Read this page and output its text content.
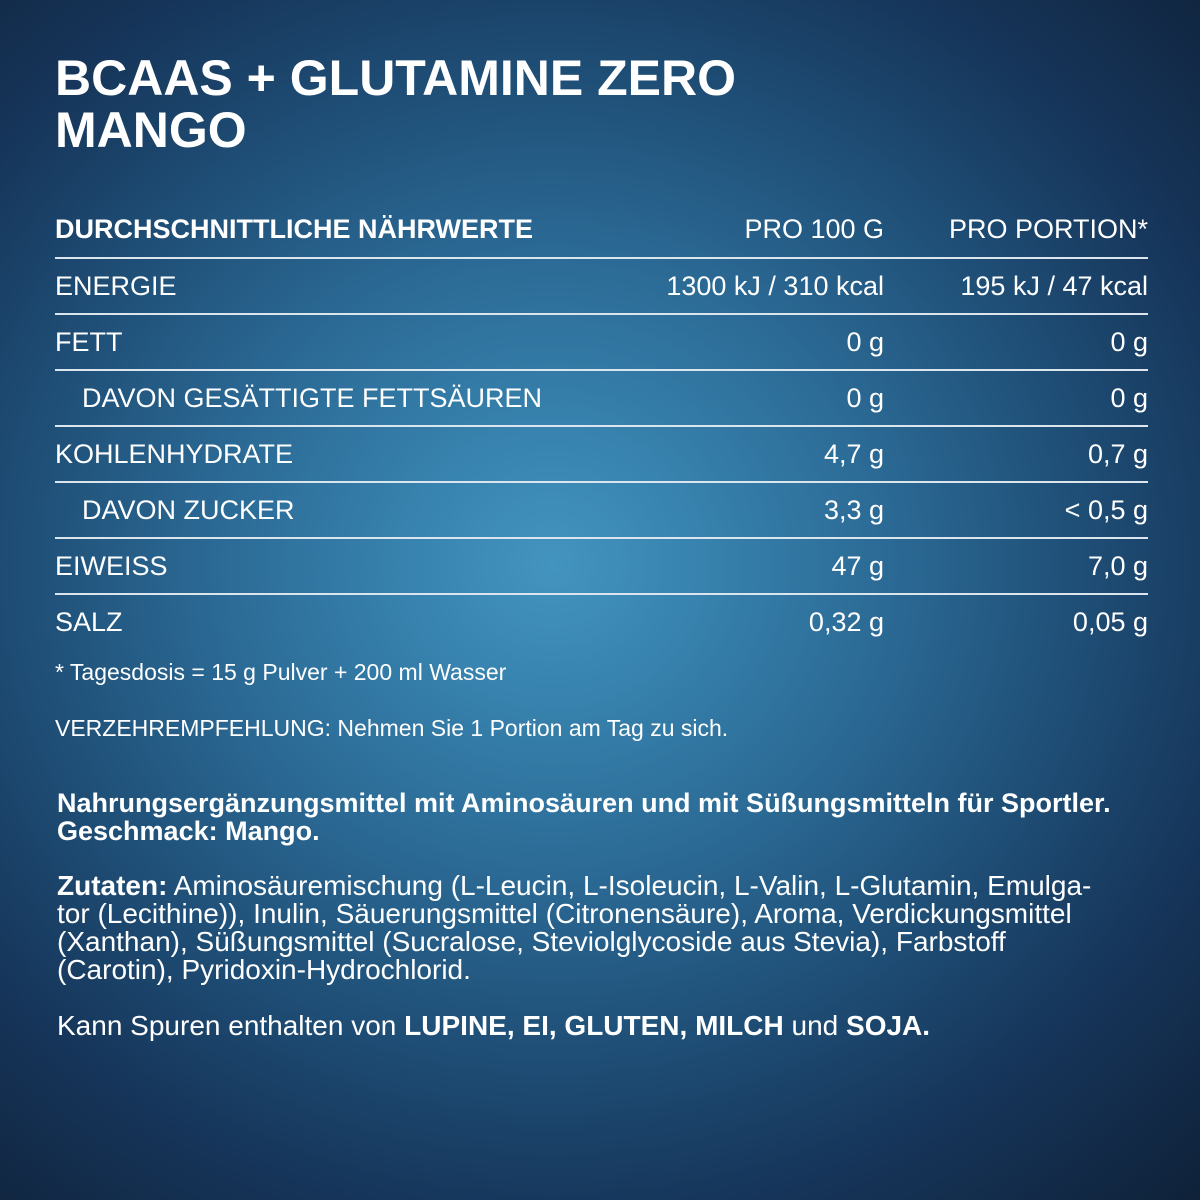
BCAAS + GLUTAMINE ZERO
MANGO
DURCHSCHNITTLICHE NÄHRWERTE	PRO 100 G	PRO PORTION*
ENERGIE	1300 kJ / 310 kcal	195 kJ / 47 kcal
FETT	0 g	0 g
DAVON GESÄTTIGTE FETTSÄUREN	0 g	0 g
KOHLENHYDRATE	4,7 g	0,7 g
DAVON ZUCKER	3,3 g	< 0,5 g
EIWEISS	47 g	7,0 g
SALZ	0,32 g	0,05 g
* Tagesdosis = 15 g Pulver + 200 ml Wasser
VERZEHREMPFEHLUNG: Nehmen Sie 1 Portion am Tag zu sich.
Nahrungsergänzungsmittel mit Aminosäuren und mit Süßungsmitteln für Sportler.
Geschmack: Mango.
Zutaten: Aminosäuremischung (L-Leucin, L-Isoleucin, L-Valin, L-Glutamin, Emulga-
tor (Lecithine)), Inulin, Säuerungsmittel (Citronensäure), Aroma, Verdickungsmittel
(Xanthan), Süßungsmittel (Sucralose, Steviolglycoside aus Stevia), Farbstoff
(Carotin), Pyridoxin-Hydrochlorid.
Kann Spuren enthalten von LUPINE, EI, GLUTEN, MILCH und SOJA.
